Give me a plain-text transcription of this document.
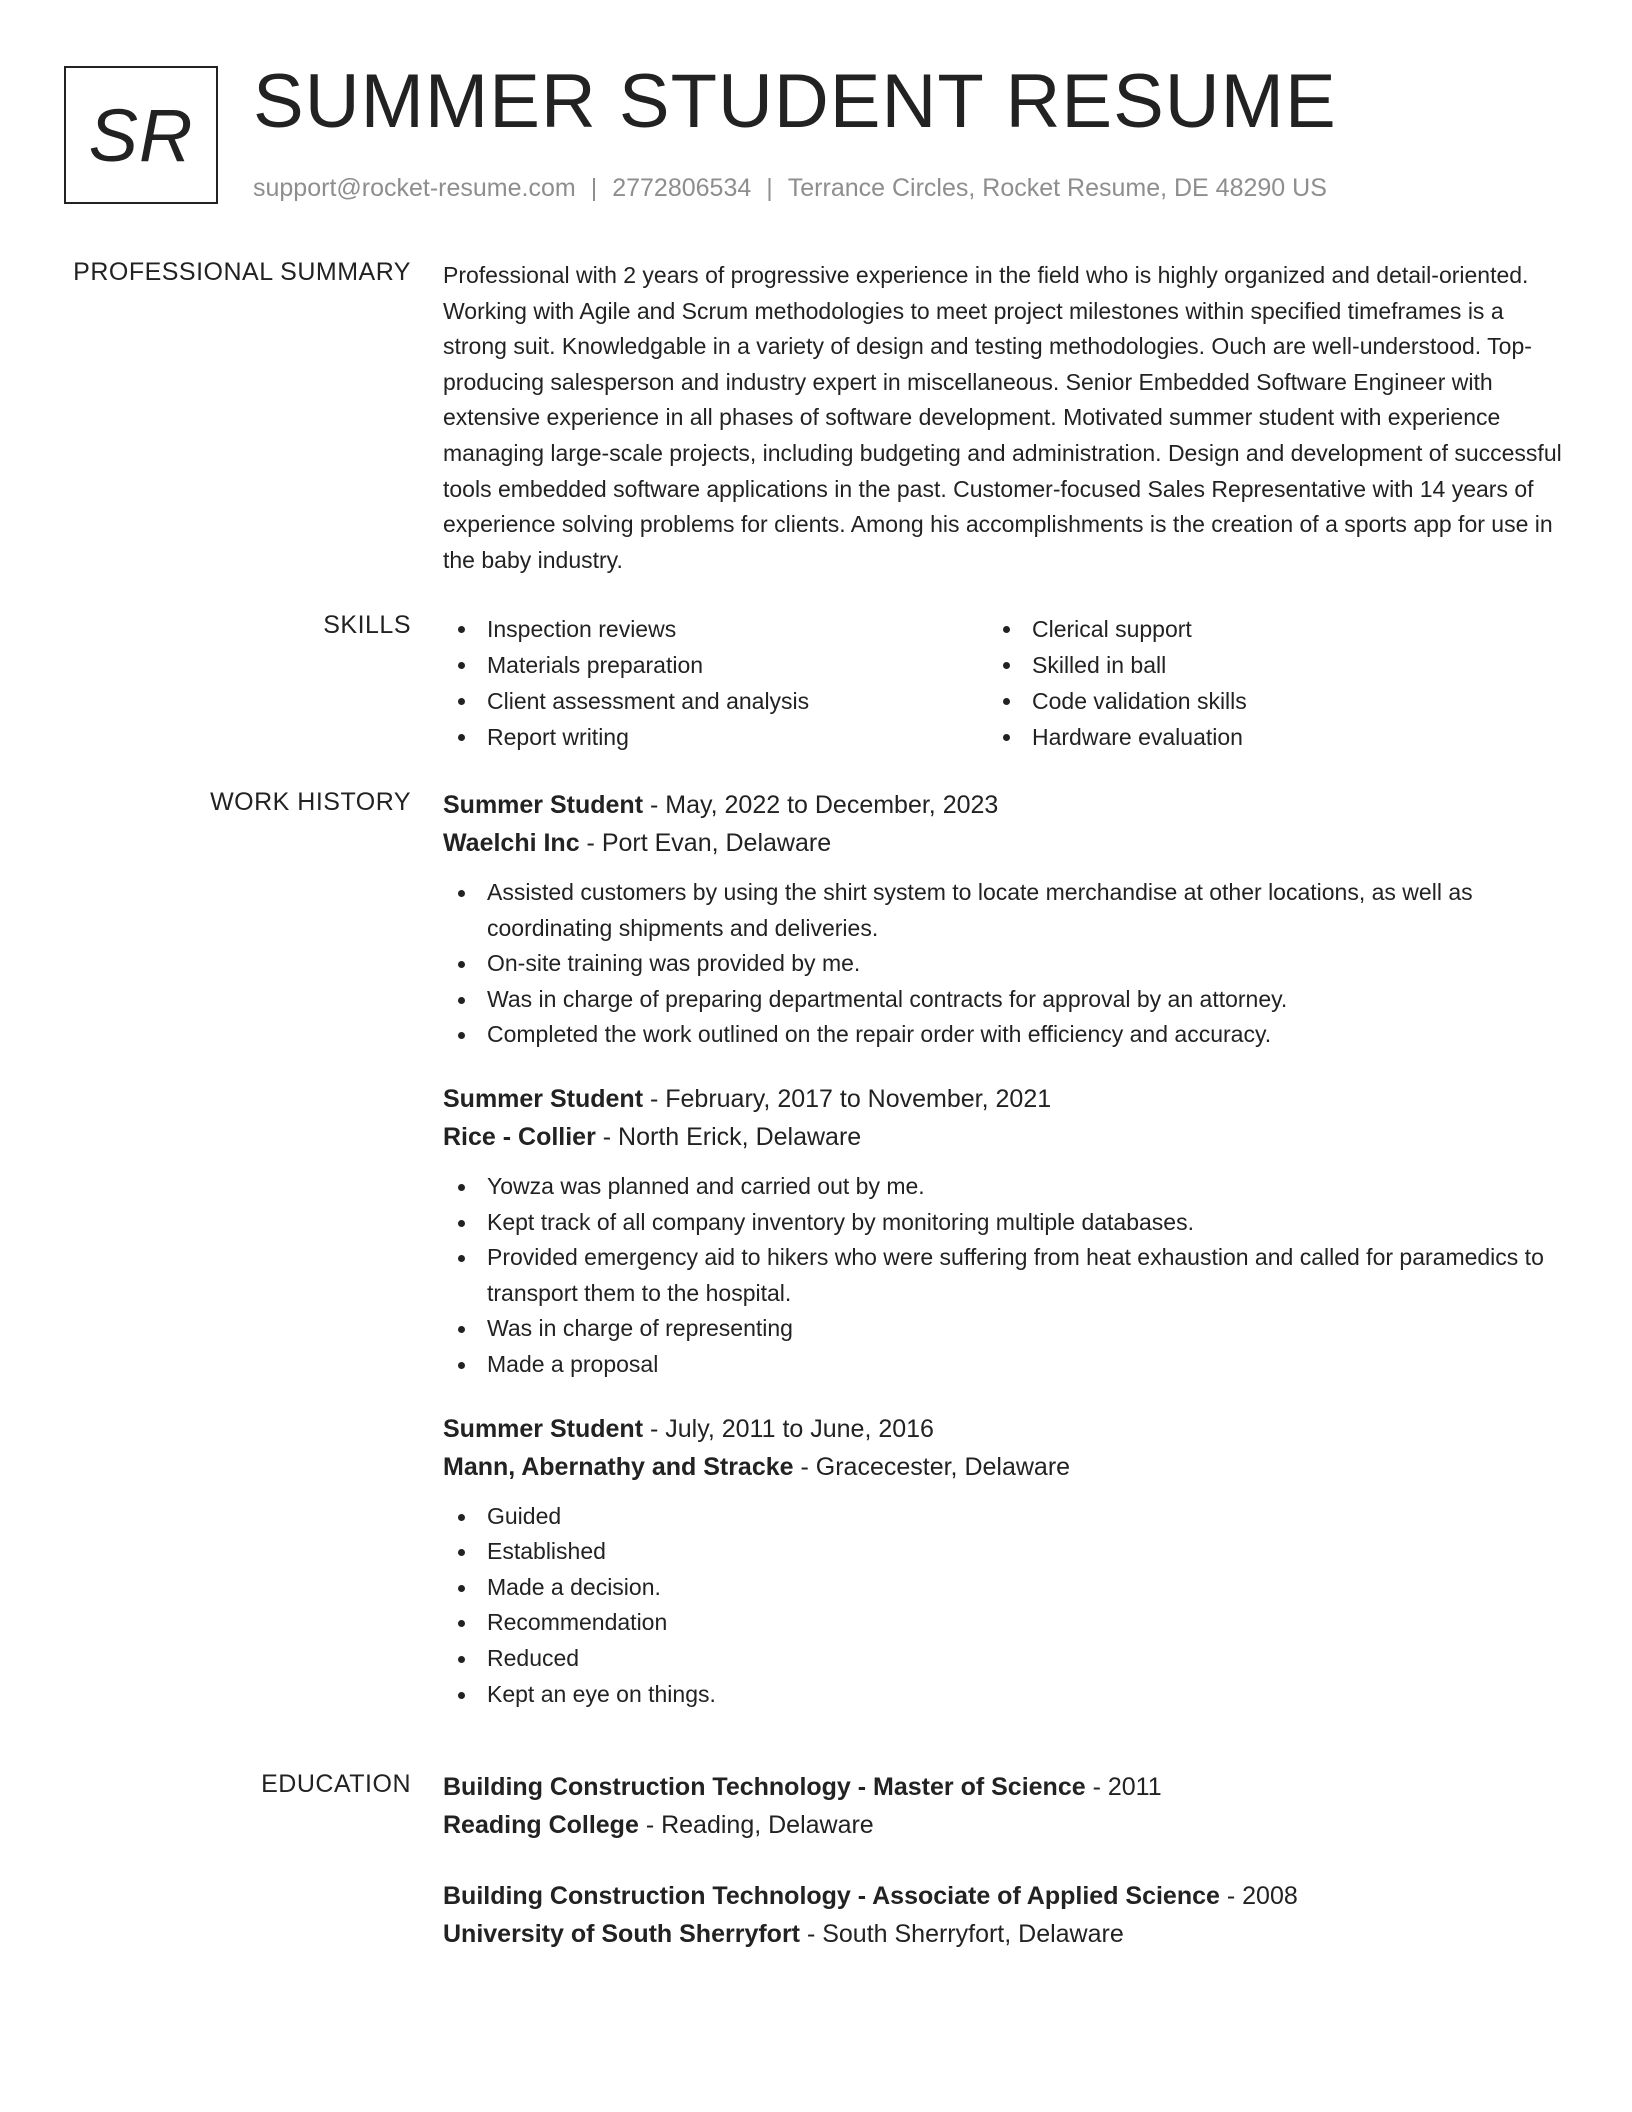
SR SUMMER STUDENT RESUME
support@rocket-resume.com | 2772806534 | Terrance Circles, Rocket Resume, DE 48290 US
PROFESSIONAL SUMMARY Professional with 2 years of progressive experience in the field who is highly organized and detail-oriented. Working with Agile and Scrum methodologies to meet project milestones within specified timeframes is a strong suit. Knowledgable in a variety of design and testing methodologies. Ouch are well-understood. Top-producing salesperson and industry expert in miscellaneous. Senior Embedded Software Engineer with extensive experience in all phases of software development. Motivated summer student with experience managing large-scale projects, including budgeting and administration. Design and development of successful tools embedded software applications in the past. Customer-focused Sales Representative with 14 years of experience solving problems for clients. Among his accomplishments is the creation of a sports app for use in the baby industry.

SKILLS	Inspection reviews
Materials preparation
Client assessment and analysis
Report writing
Clerical support
Skilled in ball
Code validation skills
Hardware evaluation
WORK HISTORY Summer Student - May, 2022 to December, 2023
Waelchi Inc - Port Evan, Delaware
Assisted customers by using the shirt system to locate merchandise at other locations, as well as coordinating shipments and deliveries.
On-site training was provided by me.
Was in charge of preparing departmental contracts for approval by an attorney.
Completed the work outlined on the repair order with efficiency and accuracy.
Summer Student - February, 2017 to November, 2021
Rice - Collier - North Erick, Delaware
Yowza was planned and carried out by me.
Kept track of all company inventory by monitoring multiple databases.
Provided emergency aid to hikers who were suffering from heat exhaustion and called for paramedics to transport them to the hospital.
Was in charge of representing
Made a proposal
Summer Student - July, 2011 to June, 2016
Mann, Abernathy and Stracke - Gracecester, Delaware
Guided
Established
Made a decision.
Recommendation
Reduced
Kept an eye on things.
EDUCATION Building Construction Technology - Master of Science - 2011
Reading College - Reading, Delaware
Building Construction Technology - Associate of Applied Science - 2008
University of South Sherryfort - South Sherryfort, Delaware
